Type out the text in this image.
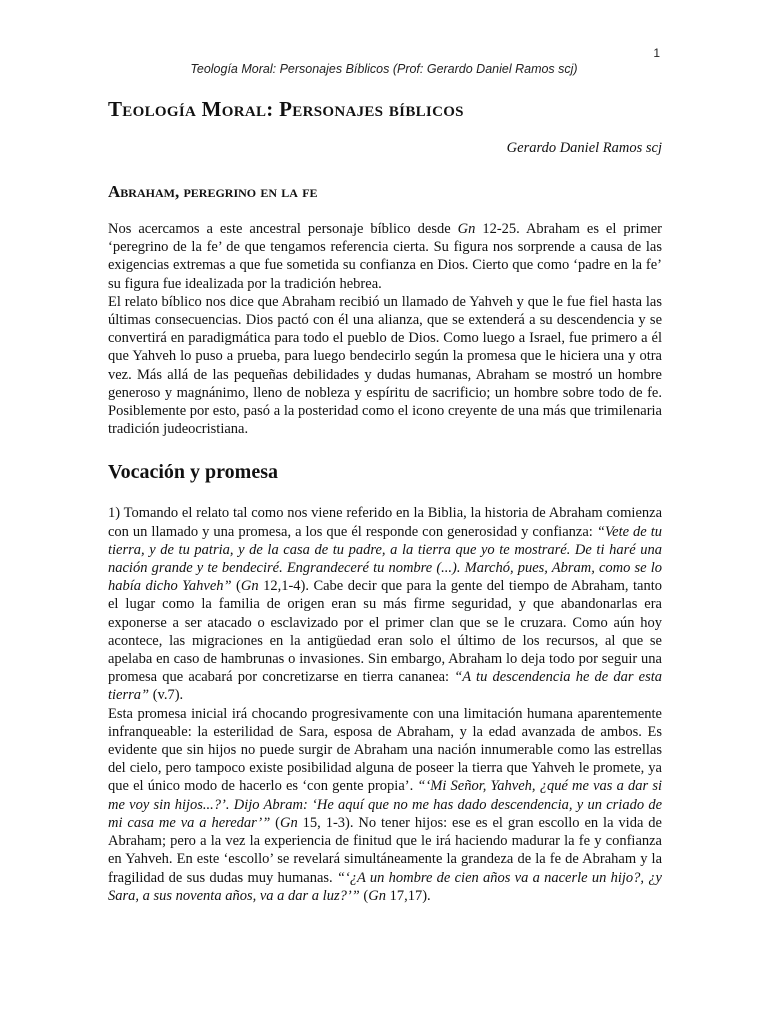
1
Teología Moral: Personajes Bíblicos (Prof: Gerardo Daniel Ramos scj)
Teología Moral: Personajes bíblicos
Gerardo Daniel Ramos scj
Abraham, peregrino en la fe

Nos acercamos a este ancestral personaje bíblico desde Gn 12-25. Abraham es el primer ‘peregrino de la fe’ de que tengamos referencia cierta. Su figura nos sorprende a causa de las exigencias extremas a que fue sometida su confianza en Dios. Cierto que como ‘padre en la fe’ su figura fue idealizada por la tradición hebrea.

El relato bíblico nos dice que Abraham recibió un llamado de Yahveh y que le fue fiel hasta las últimas consecuencias. Dios pactó con él una alianza, que se extenderá a su descendencia y se convertirá en paradigmática para todo el pueblo de Dios. Como luego a Israel, fue primero a él que Yahveh lo puso a prueba, para luego bendecirlo según la promesa que le hiciera una y otra vez. Más allá de las pequeñas debilidades y dudas humanas, Abraham se mostró un hombre generoso y magnánimo, lleno de nobleza y espíritu de sacrificio; un hombre sobre todo de fe. Posiblemente por esto, pasó a la posteridad como el icono creyente de una más que trimilenaria tradición judeocristiana.

Vocación y promesa

1) Tomando el relato tal como nos viene referido en la Biblia, la historia de Abraham comienza con un llamado y una promesa, a los que él responde con generosidad y confianza: “Vete de tu tierra, y de tu patria, y de la casa de tu padre, a la tierra que yo te mostraré. De ti haré una nación grande y te bendeciré. Engrandeceré tu nombre (...). Marchó, pues, Abram, como se lo había dicho Yahveh” (Gn 12,1-4). Cabe decir que para la gente del tiempo de Abraham, tanto el lugar como la familia de origen eran su más firme seguridad, y que abandonarlas era exponerse a ser atacado o esclavizado por el primer clan que se le cruzara. Como aún hoy acontece, las migraciones en la antigüedad eran solo el último de los recursos, al que se apelaba en caso de hambrunas o invasiones. Sin embargo, Abraham lo deja todo por seguir una promesa que acabará por concretizarse en tierra cananea: “A tu descendencia he de dar esta tierra” (v.7).

Esta promesa inicial irá chocando progresivamente con una limitación humana aparentemente infranqueable: la esterilidad de Sara, esposa de Abraham, y la edad avanzada de ambos. Es evidente que sin hijos no puede surgir de Abraham una nación innumerable como las estrellas del cielo, pero tampoco existe posibilidad alguna de poseer la tierra que Yahveh le promete, ya que el único modo de hacerlo es ‘con gente propia’. “‘Mi Señor, Yahveh, ¿qué me vas a dar si me voy sin hijos...?’. Dijo Abram: ‘He aquí que no me has dado descendencia, y un criado de mi casa me va a heredar’” (Gn 15, 1-3). No tener hijos: ese es el gran escollo en la vida de Abraham; pero a la vez la experiencia de finitud que le irá haciendo madurar la fe y confianza en Yahveh. En este ‘escollo’ se revelará simultáneamente la grandeza de la fe de Abraham y la fragilidad de sus dudas muy humanas. “‘¿A un hombre de cien años va a nacerle un hijo?, ¿y Sara, a sus noventa años, va a dar a luz?’” (Gn 17,17).
